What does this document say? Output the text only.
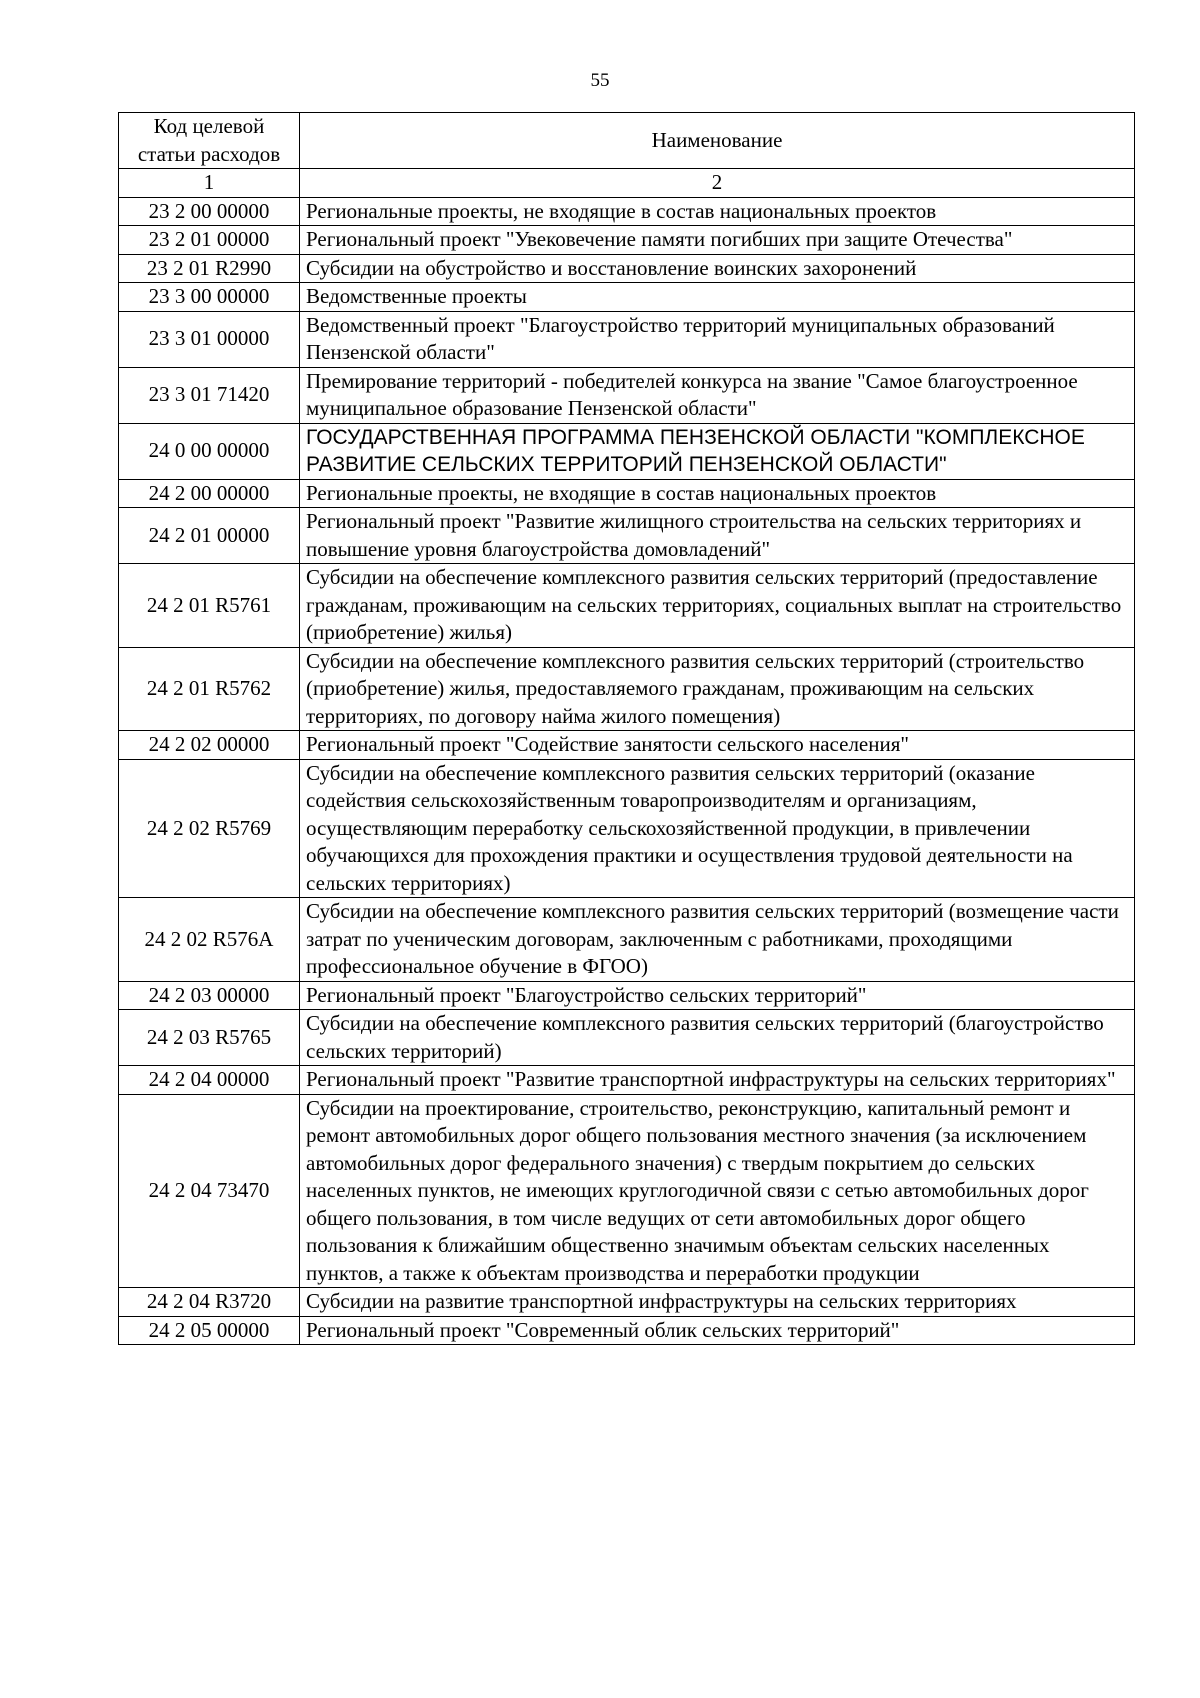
55
Код целевой статьи расходов	Наименование
1	2
23 2 00 00000	Региональные проекты, не входящие в состав национальных проектов
23 2 01 00000	Региональный проект "Увековечение памяти погибших при защите Отечества"
23 2 01 R2990	Субсидии на обустройство и восстановление воинских захоронений
23 3 00 00000	Ведомственные проекты
23 3 01 00000	Ведомственный проект "Благоустройство территорий муниципальных образований Пензенской области"
23 3 01 71420	Премирование территорий - победителей конкурса на звание "Самое благоустроенное муниципальное образование Пензенской области"
24 0 00 00000	ГОСУДАРСТВЕННАЯ ПРОГРАММА ПЕНЗЕНСКОЙ ОБЛАСТИ "КОМПЛЕКСНОЕ РАЗВИТИЕ СЕЛЬСКИХ ТЕРРИТОРИЙ ПЕНЗЕНСКОЙ ОБЛАСТИ"
24 2 00 00000	Региональные проекты, не входящие в состав национальных проектов
24 2 01 00000	Региональный проект "Развитие жилищного строительства на сельских территориях и повышение уровня благоустройства домовладений"
24 2 01 R5761	Субсидии на обеспечение комплексного развития сельских территорий (предоставление гражданам, проживающим на сельских территориях, социальных выплат на строительство (приобретение) жилья)
24 2 01 R5762	Субсидии на обеспечение комплексного развития сельских территорий (строительство (приобретение) жилья, предоставляемого гражданам, проживающим на сельских территориях, по договору найма жилого помещения)
24 2 02 00000	Региональный проект "Содействие занятости сельского населения"
24 2 02 R5769	Субсидии на обеспечение комплексного развития сельских территорий (оказание содействия сельскохозяйственным товаропроизводителям и организациям, осуществляющим переработку сельскохозяйственной продукции, в привлечении обучающихся для прохождения практики и осуществления трудовой деятельности на сельских территориях)
24 2 02 R576A	Субсидии на обеспечение комплексного развития сельских территорий (возмещение части затрат по ученическим договорам, заключенным с работниками, проходящими профессиональное обучение в ФГОО)
24 2 03 00000	Региональный проект "Благоустройство сельских территорий"
24 2 03 R5765	Субсидии на обеспечение комплексного развития сельских территорий (благоустройство сельских территорий)
24 2 04 00000	Региональный проект "Развитие транспортной инфраструктуры на сельских территориях"
24 2 04 73470	Субсидии на проектирование, строительство, реконструкцию, капитальный ремонт и ремонт автомобильных дорог общего пользования местного значения (за исключением автомобильных дорог федерального значения) с твердым покрытием до сельских населенных пунктов, не имеющих круглогодичной связи с сетью автомобильных дорог общего пользования, в том числе ведущих от сети автомобильных дорог общего пользования к ближайшим общественно значимым объектам сельских населенных пунктов, а также к объектам производства и переработки продукции
24 2 04 R3720	Субсидии на развитие транспортной инфраструктуры на сельских территориях
24 2 05 00000	Региональный проект "Современный облик сельских территорий"
